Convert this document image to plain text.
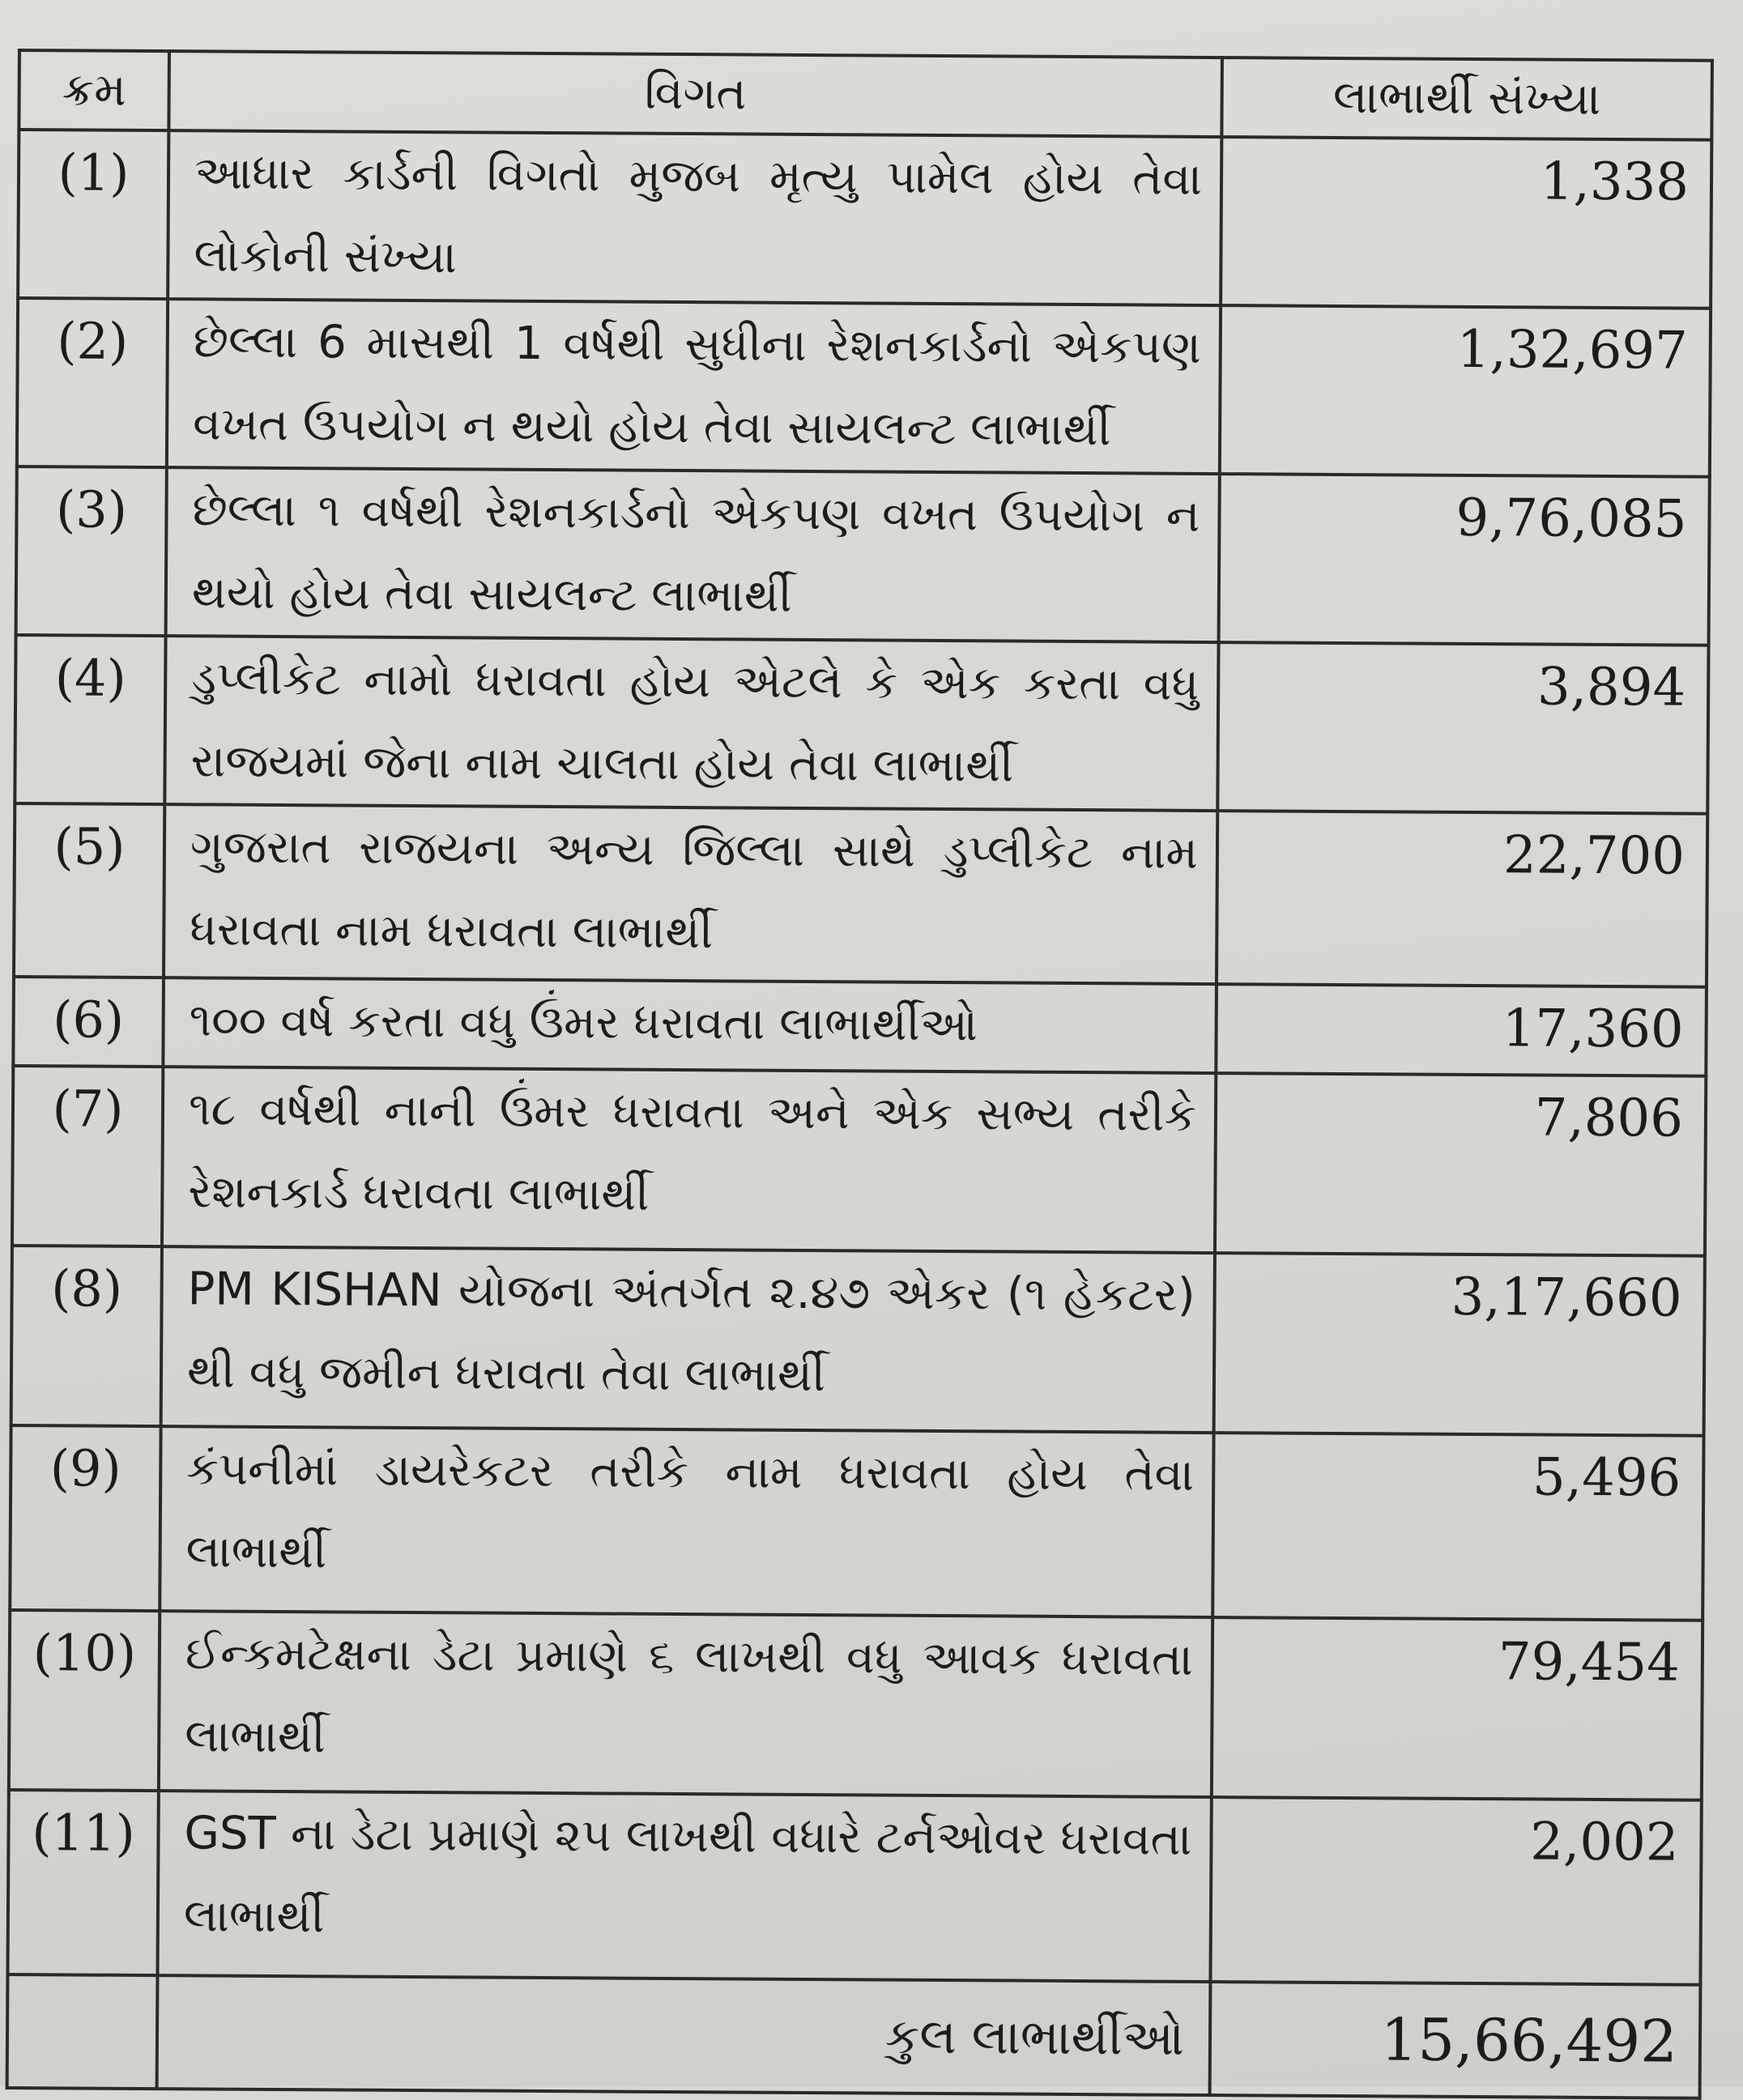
ક્રમ	વિગત	લાભાર્થી સંખ્યા
(1)	આધાર કાર્ડની વિગતો મુજબ મૃત્યુ પામેલ હોય તેવા લોકોની સંખ્યા	1,338
(2)	છેલ્લા 6 માસથી 1 વર્ષથી સુધીના રેશનકાર્ડનો એકપણ વખત ઉપયોગ ન થયો હોય તેવા સાયલન્ટ લાભાર્થી	1,32,697
(3)	છેલ્લા ૧ વર્ષથી રેશનકાર્ડનો એકપણ વખત ઉપયોગ ન થયો હોય તેવા સાયલન્ટ લાભાર્થી	9,76,085
(4)	ડુપ્લીકેટ નામો ધરાવતા હોય એટલે કે એક કરતા વધુ રાજયમાં જેના નામ ચાલતા હોય તેવા લાભાર્થી	3,894
(5)	ગુજરાત રાજયના અન્ય જિલ્લા સાથે ડુપ્લીકેટ નામ ધરાવતા નામ ધરાવતા લાભાર્થી	22,700
(6)	૧૦૦ વર્ષ કરતા વધુ ઉંમર ધરાવતા લાભાર્થીઓ	17,360
(7)	૧૮ વર્ષથી નાની ઉંમર ધરાવતા અને એક સભ્ય તરીકે રેશનકાર્ડ ધરાવતા લાભાર્થી	7,806
(8)	PM KISHAN યોજના અંતર્ગત ૨.૪૭ એકર (૧ હેકટર) થી વધુ જમીન ધરાવતા તેવા લાભાર્થી	3,17,660
(9)	કંપનીમાં ડાયરેકટર તરીકે નામ ધરાવતા હોય તેવા લાભાર્થી	5,496
(10)	ઈન્કમટેક્ષના ડેટા પ્રમાણે ૬ લાખથી વધુ આવક ધરાવતા લાભાર્થી	79,454
(11)	GST ના ડેટા પ્રમાણે ૨૫ લાખથી વધારે ટર્નઓવર ધરાવતા લાભાર્થી	2,002
	કુલ લાભાર્થીઓ	15,66,492
